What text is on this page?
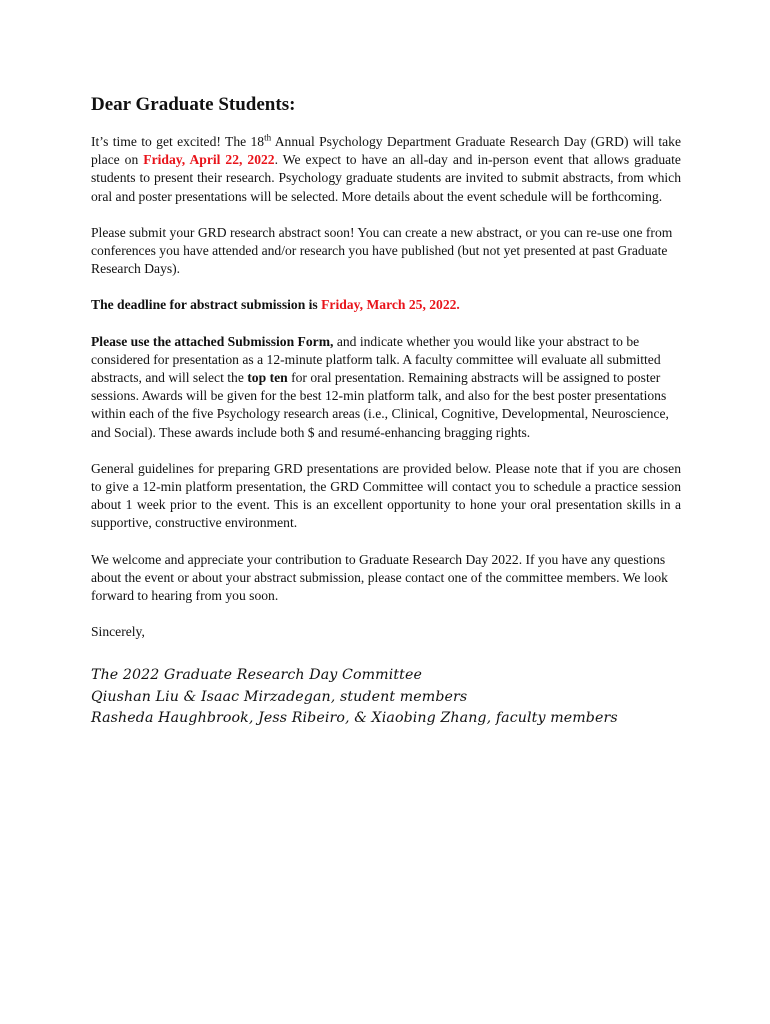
Dear Graduate Students:

It’s time to get excited! The 18th Annual Psychology Department Graduate Research Day (GRD) will take place on Friday, April 22, 2022. We expect to have an all-day and in-person event that allows graduate students to present their research. Psychology graduate students are invited to submit abstracts, from which oral and poster presentations will be selected. More details about the event schedule will be forthcoming.

Please submit your GRD research abstract soon! You can create a new abstract, or you can re-use one from conferences you have attended and/or research you have published (but not yet presented at past Graduate Research Days).

The deadline for abstract submission is Friday, March 25, 2022.

Please use the attached Submission Form, and indicate whether you would like your abstract to be considered for presentation as a 12-minute platform talk. A faculty committee will evaluate all submitted abstracts, and will select the top ten for oral presentation. Remaining abstracts will be assigned to poster sessions. Awards will be given for the best 12-min platform talk, and also for the best poster presentations within each of the five Psychology research areas (i.e., Clinical, Cognitive, Developmental, Neuroscience, and Social). These awards include both $ and resumé-enhancing bragging rights.

General guidelines for preparing GRD presentations are provided below. Please note that if you are chosen to give a 12-min platform presentation, the GRD Committee will contact you to schedule a practice session about 1 week prior to the event. This is an excellent opportunity to hone your oral presentation skills in a supportive, constructive environment.

We welcome and appreciate your contribution to Graduate Research Day 2022. If you have any questions about the event or about your abstract submission, please contact one of the committee members. We look forward to hearing from you soon.

Sincerely,

The 2022 Graduate Research Day Committee
Qiushan Liu & Isaac Mirzadegan, student members
Rasheda Haughbrook, Jess Ribeiro, & Xiaobing Zhang, faculty members
